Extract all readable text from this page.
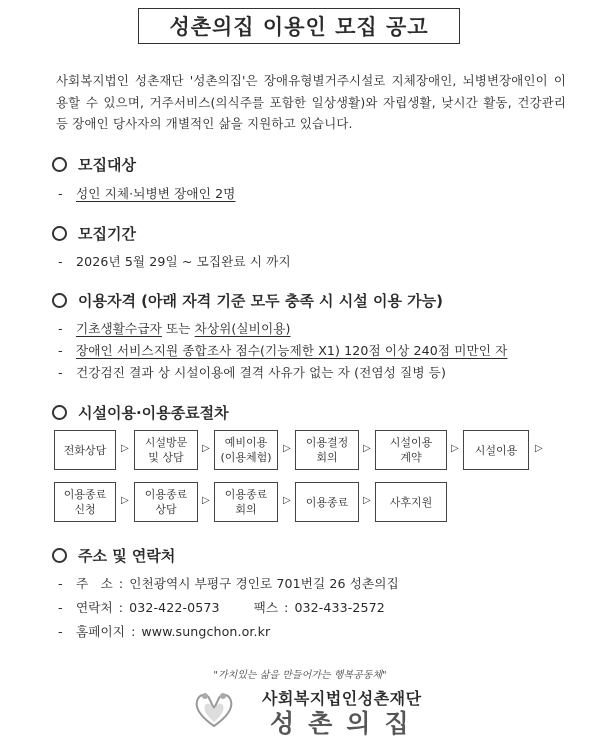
성촌의집 이용인 모집 공고
사회복지법인 성촌재단 '성촌의집'은 장애유형별거주시설로 지체장애인, 뇌병변장애인이 이용할 수 있으며, 거주서비스(의식주를 포함한 일상생활)와 자립생활, 낮시간 활동, 건강관리 등 장애인 당사자의 개별적인 삶을 지원하고 있습니다.
모집대상
- 성인 지체·뇌병변 장애인 2명
모집기간
- 2026년 5월 29일 ~ 모집완료 시 까지
이용자격 (아래 자격 기준 모두 충족 시 시설 이용 가능)
- 기초생활수급자 또는 차상위(실비이용)
- 장애인 서비스지원 종합조사 점수(기능제한 X1) 120점 이상 240점 미만인 자
- 건강검진 결과 상 시설이용에 결격 사유가 없는 자 (전염성 질병 등)
시설이용·이용종료절차
전화상담 ▷ 시설방문
및 상담
▷	예비이용
(이용체험)
▷ 이용결정
회의
▷ 시설이용
계약
▷ 시설이용 ▷
이용종료
신청
▷ 이용종료
상담
▷ 이용종료
회의
▷ 이용종료 ▷ 사후지원
주소 및 연락처
- 주   소 : 인천광역시 부평구 경인로 701번길 26 성촌의집
- 연락처 : 032-422-0573	팩스 : 032-433-2572
- 홈페이지 : www.sungchon.or.kr
"가치있는 삶을 만들어가는 행복공동체"
사회복지법인성촌재단
성촌의집
